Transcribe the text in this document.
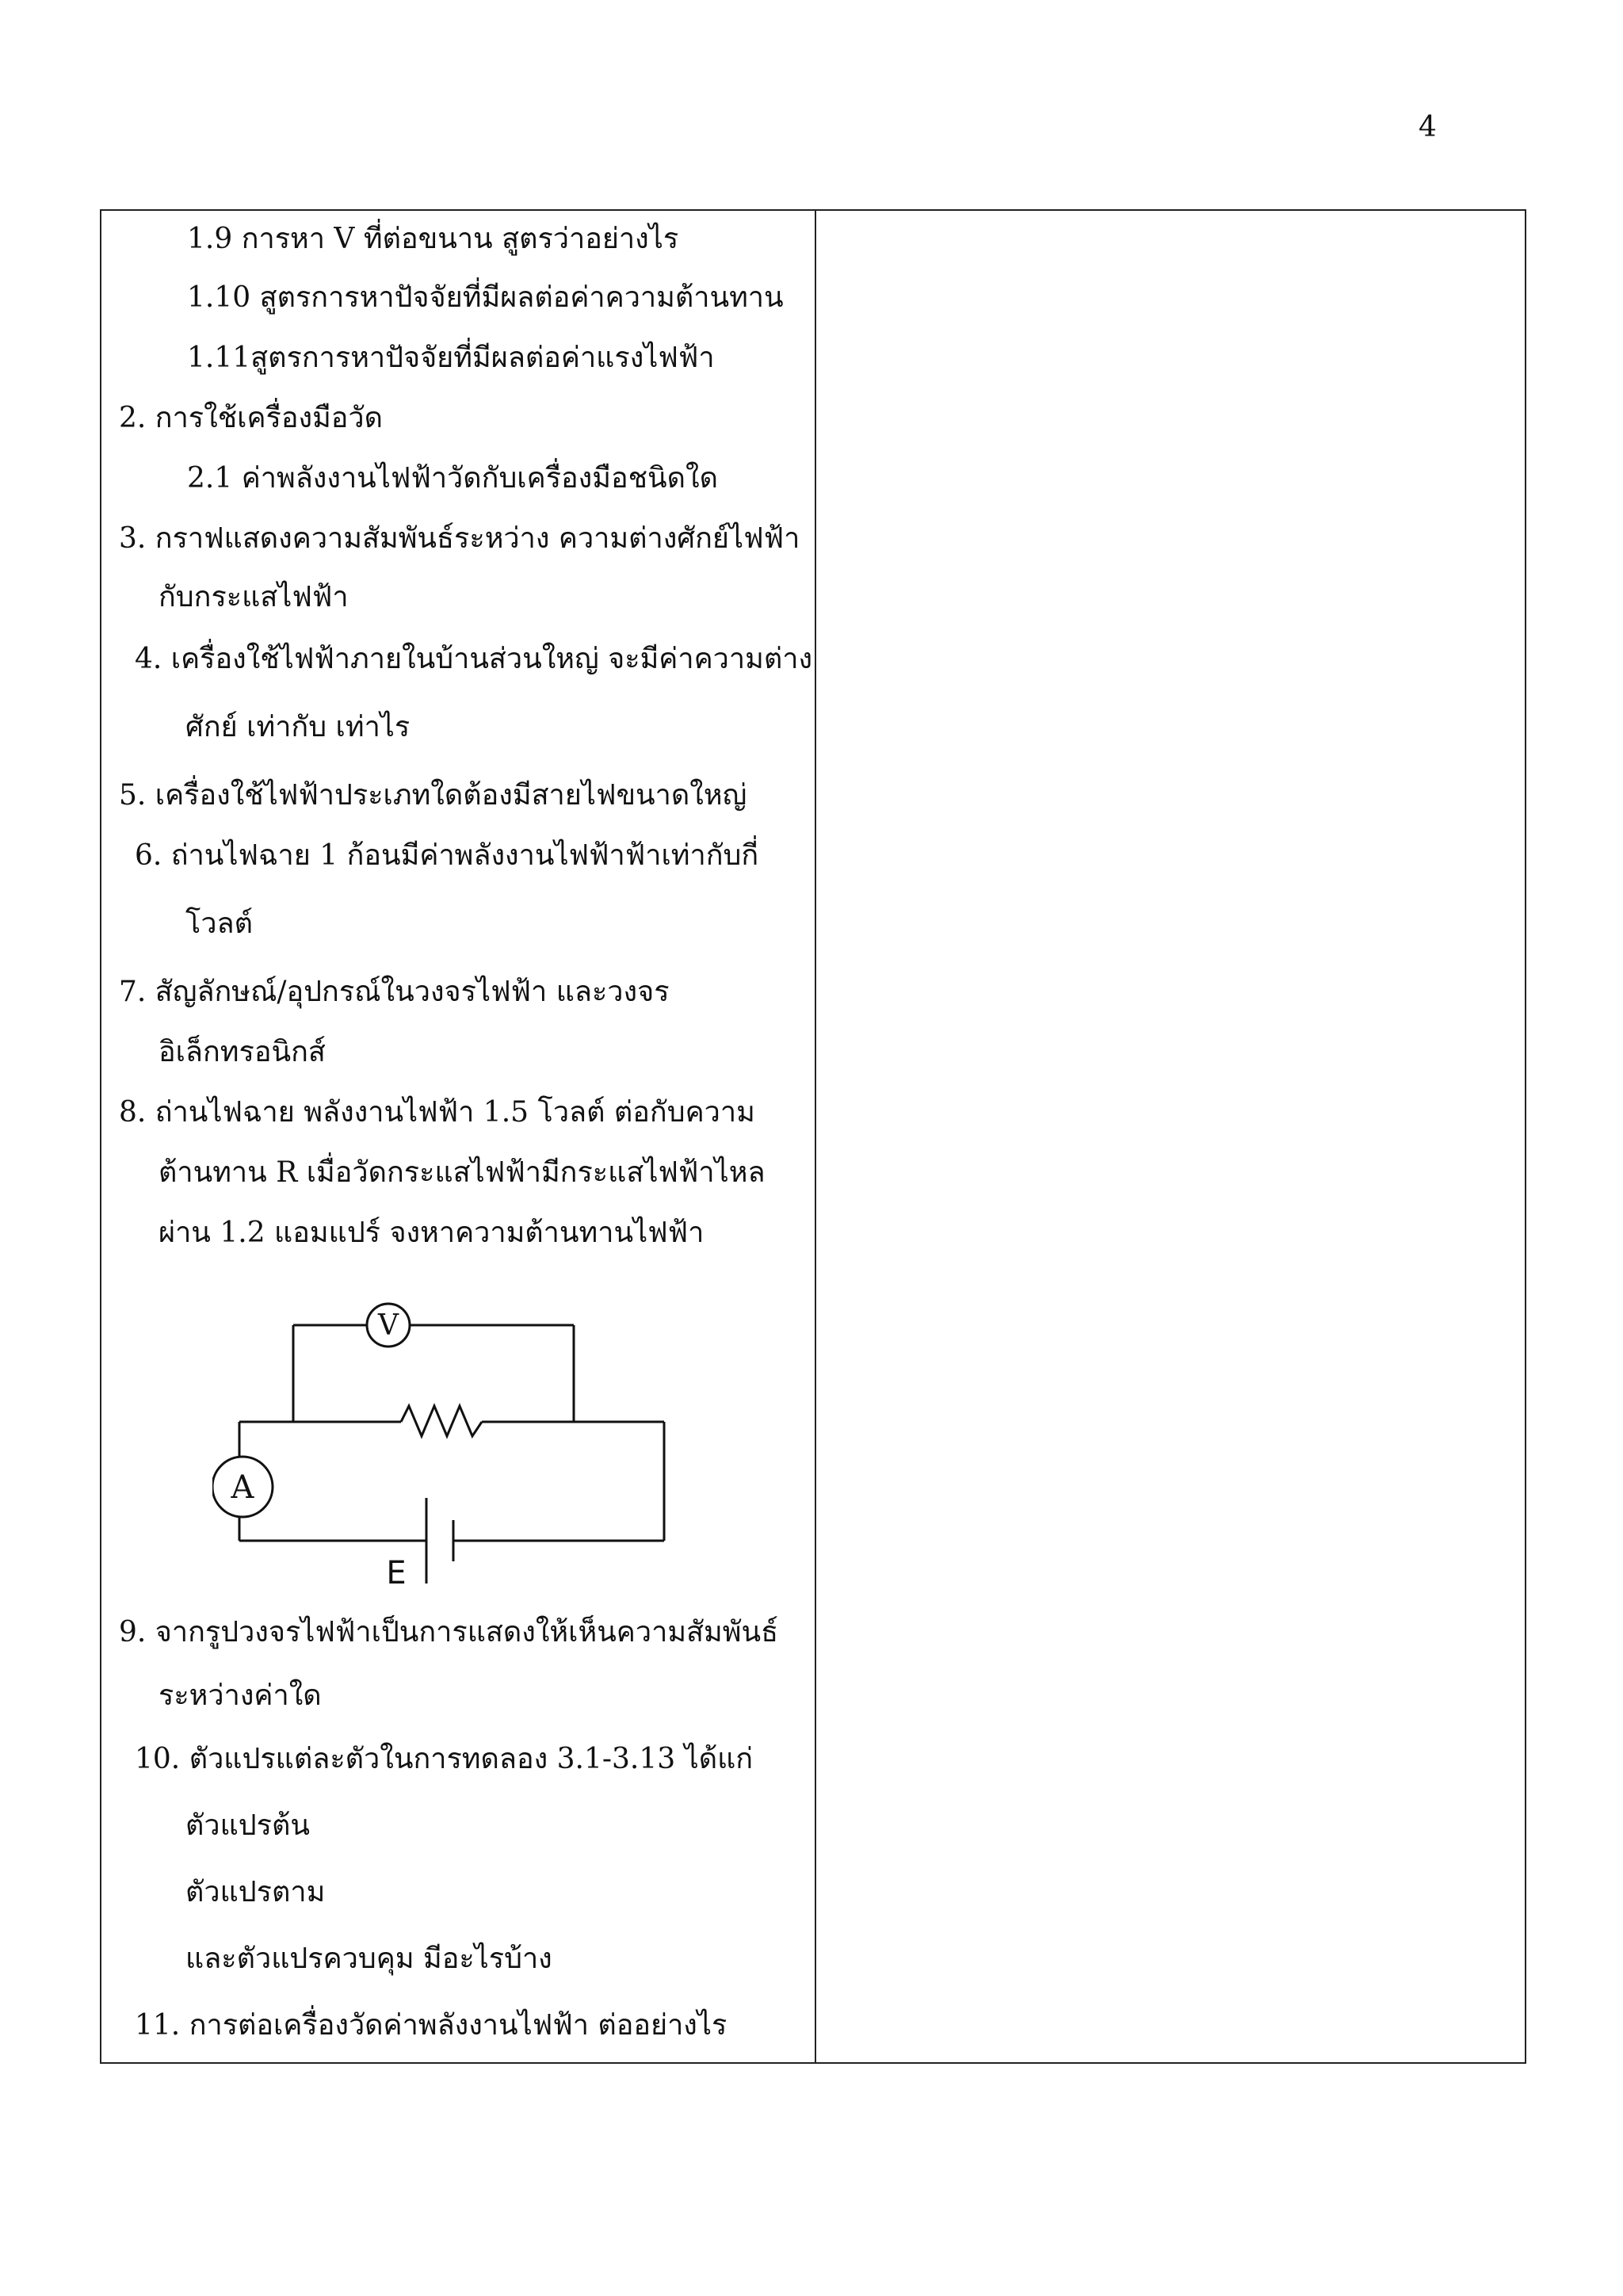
4
1.9 การหา V ที่ต่อขนาน สูตรว่าอย่างไร
1.10 สูตรการหาปัจจัยที่มีผลต่อค่าความต้านทาน
1.11สูตรการหาปัจจัยที่มีผลต่อค่าแรงไฟฟ้า
2. การใช้เครื่องมือวัด
2.1 ค่าพลังงานไฟฟ้าวัดกับเครื่องมือชนิดใด
3. กราฟแสดงความสัมพันธ์ระหว่าง ความต่างศักย์ไฟฟ้า
กับกระแสไฟฟ้า
4. เครื่องใช้ไฟฟ้าภายในบ้านส่วนใหญ่ จะมีค่าความต่าง
ศักย์ เท่ากับ เท่าไร
5. เครื่องใช้ไฟฟ้าประเภทใดต้องมีสายไฟขนาดใหญ่
6. ถ่านไฟฉาย 1 ก้อนมีค่าพลังงานไฟฟ้าฟ้าเท่ากับกี่
โวลต์
7. สัญลักษณ์/อุปกรณ์ในวงจรไฟฟ้า และวงจร
อิเล็กทรอนิกส์
8. ถ่านไฟฉาย พลังงานไฟฟ้า 1.5 โวลต์ ต่อกับความ
ต้านทาน R เมื่อวัดกระแสไฟฟ้ามีกระแสไฟฟ้าไหล
ผ่าน 1.2 แอมแปร์ จงหาความต้านทานไฟฟ้า
V
A
E
9. จากรูปวงจรไฟฟ้าเป็นการแสดงให้เห็นความสัมพันธ์
ระหว่างค่าใด
10. ตัวแปรแต่ละตัวในการทดลอง 3.1-3.13 ได้แก่
ตัวแปรต้น
ตัวแปรตาม
และตัวแปรควบคุม มีอะไรบ้าง
11. การต่อเครื่องวัดค่าพลังงานไฟฟ้า ต่ออย่างไร
